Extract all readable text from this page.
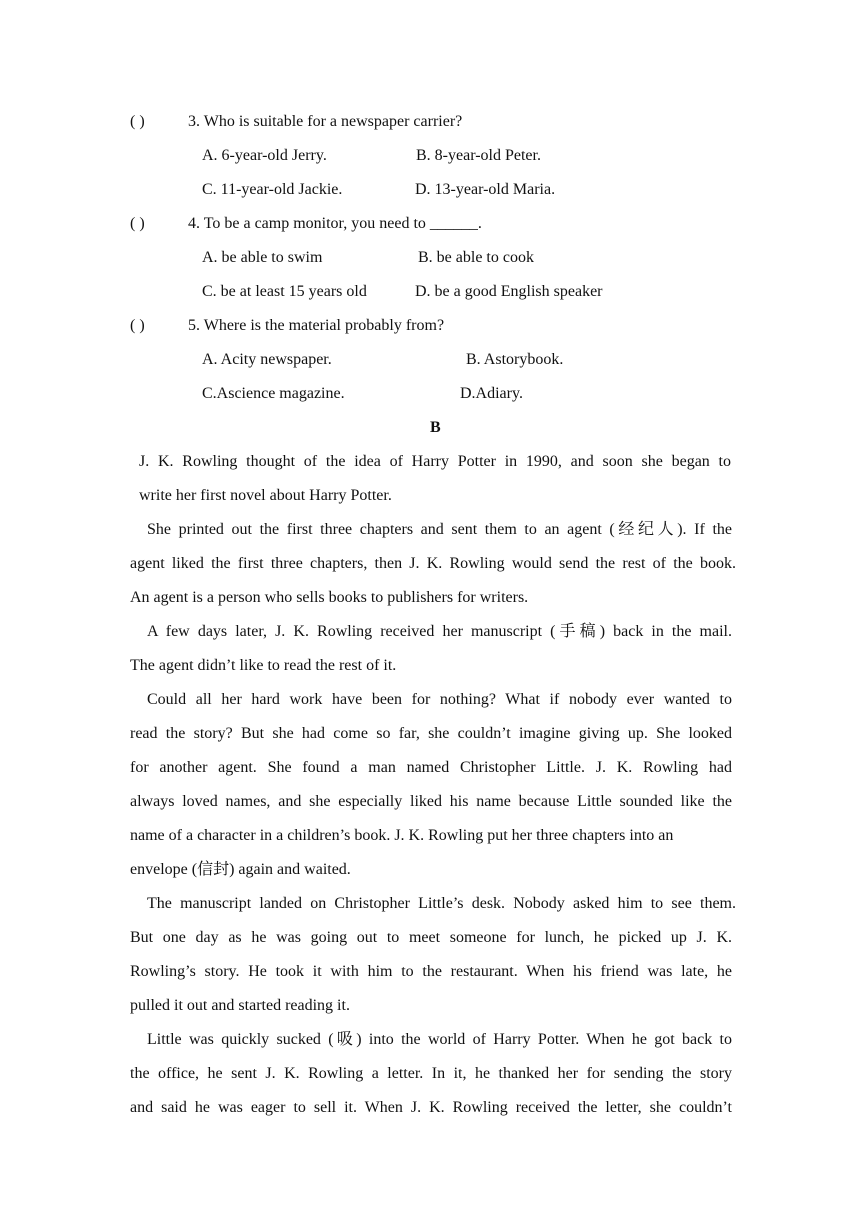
( )	3. Who is suitable for a newspaper carrier?
A. 6-year-old Jerry.	B. 8-year-old Peter.
C. 11-year-old Jackie.	D. 13-year-old Maria.
( )	4. To be a camp monitor, you need to ______.
A. be able to swim	B. be able to cook
C. be at least 15 years old	D. be a good English speaker
( )	5. Where is the material probably from?
A. Acity newspaper.	B. Astorybook.
C.Ascience magazine.	D.Adiary.
B
J. K. Rowling thought of the idea of Harry Potter in 1990, and soon she began to
write her first novel about Harry Potter.
She printed out the first three chapters and sent them to an agent (经纪人). If the
agent liked the first three chapters, then J. K. Rowling would send the rest of the book.
An agent is a person who sells books to publishers for writers.
A few days later, J. K. Rowling received her manuscript (手稿) back in the mail.
The agent didn’t like to read the rest of it.
Could all her hard work have been for nothing? What if nobody ever wanted to
read the story? But she had come so far, she couldn’t imagine giving up. She looked
for another agent. She found a man named Christopher Little. J. K. Rowling had
always loved names, and she especially liked his name because Little sounded like the
name of a character in a children’s book. J. K. Rowling put her three chapters into an
envelope (信封) again and waited.
The manuscript landed on Christopher Little’s desk. Nobody asked him to see them.
But one day as he was going out to meet someone for lunch, he picked up J. K.
Rowling’s story. He took it with him to the restaurant. When his friend was late, he
pulled it out and started reading it.
Little was quickly sucked (吸) into the world of Harry Potter. When he got back to
the office, he sent J. K. Rowling a letter. In it, he thanked her for sending the story
and said he was eager to sell it. When J. K. Rowling received the letter, she couldn’t
